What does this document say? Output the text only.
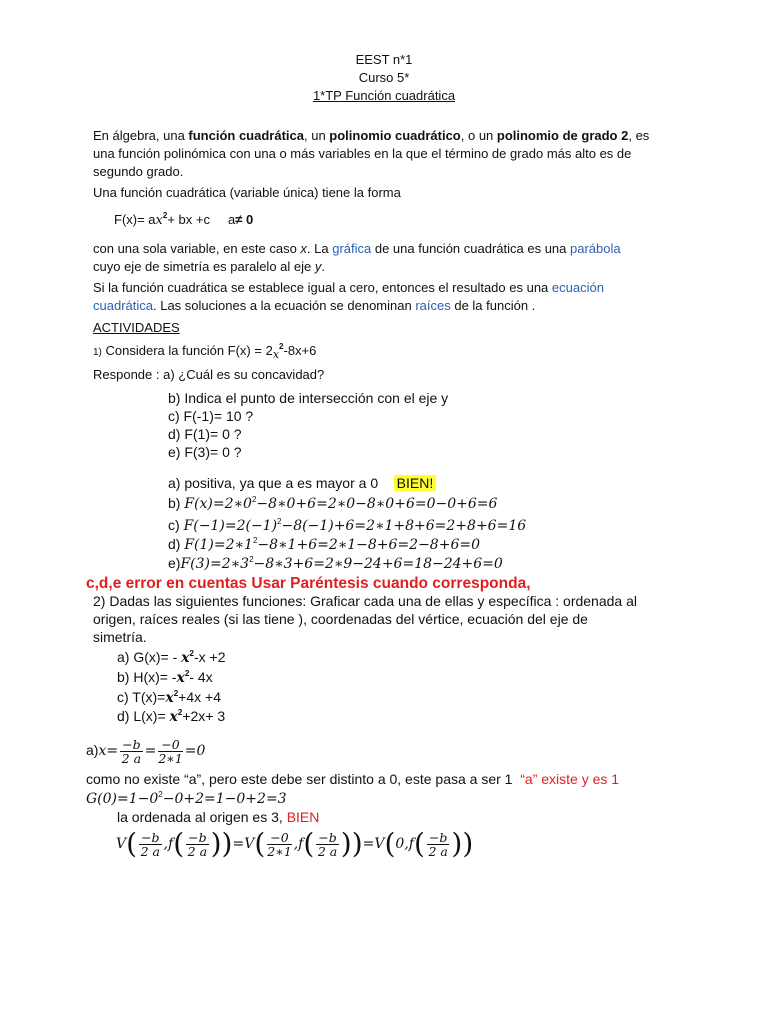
EEST n*1
Curso 5*
1*TP Función cuadrática
En álgebra, una función cuadrática, un polinomio cuadrático, o un polinomio de grado 2, es
una función polinómica con una o más variables en la que el término de grado más alto es de
segundo grado.
Una función cuadrática (variable única) tiene la forma
$F(x)= ax^2+$ bx +c a≠ 0
con una sola variable, en este caso x. La gráfica de una función cuadrática es una parábola
cuyo eje de simetría es paralelo al eje y.
Si la función cuadrática se establece igual a cero, entonces el resultado es una ecuación
cuadrática. Las soluciones a la ecuación se denominan raíces de la función .
ACTIVIDADES
1) Considera la función $F(x) = 2_x^2-8x+6$
Responde : a) ¿Cuál es su concavidad?
b) Indica el punto de intersección con el eje y
c) F(-1)= 10 ?
d) F(1)= 0 ?
e) F(3)= 0 ?
a) positiva, ya que a es mayor a 0 BIEN!
b) $F(x)=2∗0^2-8∗0+6=2∗0-8∗0+6=0-0+6=6$
c) $F(-1)=2(-1)^2-8(-1)+6=2∗1+8+6=2+8+6=16$
d) $F(1)=2∗1^2-8∗1+6=2∗1-8+6=2-8+6=0$
$e)F(3)=2∗3^2-8∗3+6=2∗9-24+6=18-24+6=0$
c,d,e error en cuentas Usar Paréntesis cuando corresponda,
2) Dadas las siguientes funciones: Graficar cada una de ellas y específica : ordenada al
origen, raíces reales (si las tiene ), coordenadas del vértice, ecuación del eje de
simetría.
a) $G(x)= - x^2-x +2$
b) $H(x)= -x^2-$ 4x
c) $T(x)=x^2+4x +4$
d) $L(x)= x^2+2x+ 3$
$a)x= \frac{-b}{2 a} = \frac{-0}{2∗1} =0$
como no existe “a”, pero este debe ser distinto a 0, este pasa a ser 1 “a” existe y es 1
$G(0)=1-0^2-0+2=1-0+2=3$
la ordenada al origen es 3, BIEN
$V( \frac{-b}{2 a} ,f( \frac{-b}{2 a} ))=V( \frac{-0}{2∗1} ,f( \frac{-b}{2 a} ))=V(0,f( \frac{-b}{2 a}$ ))
